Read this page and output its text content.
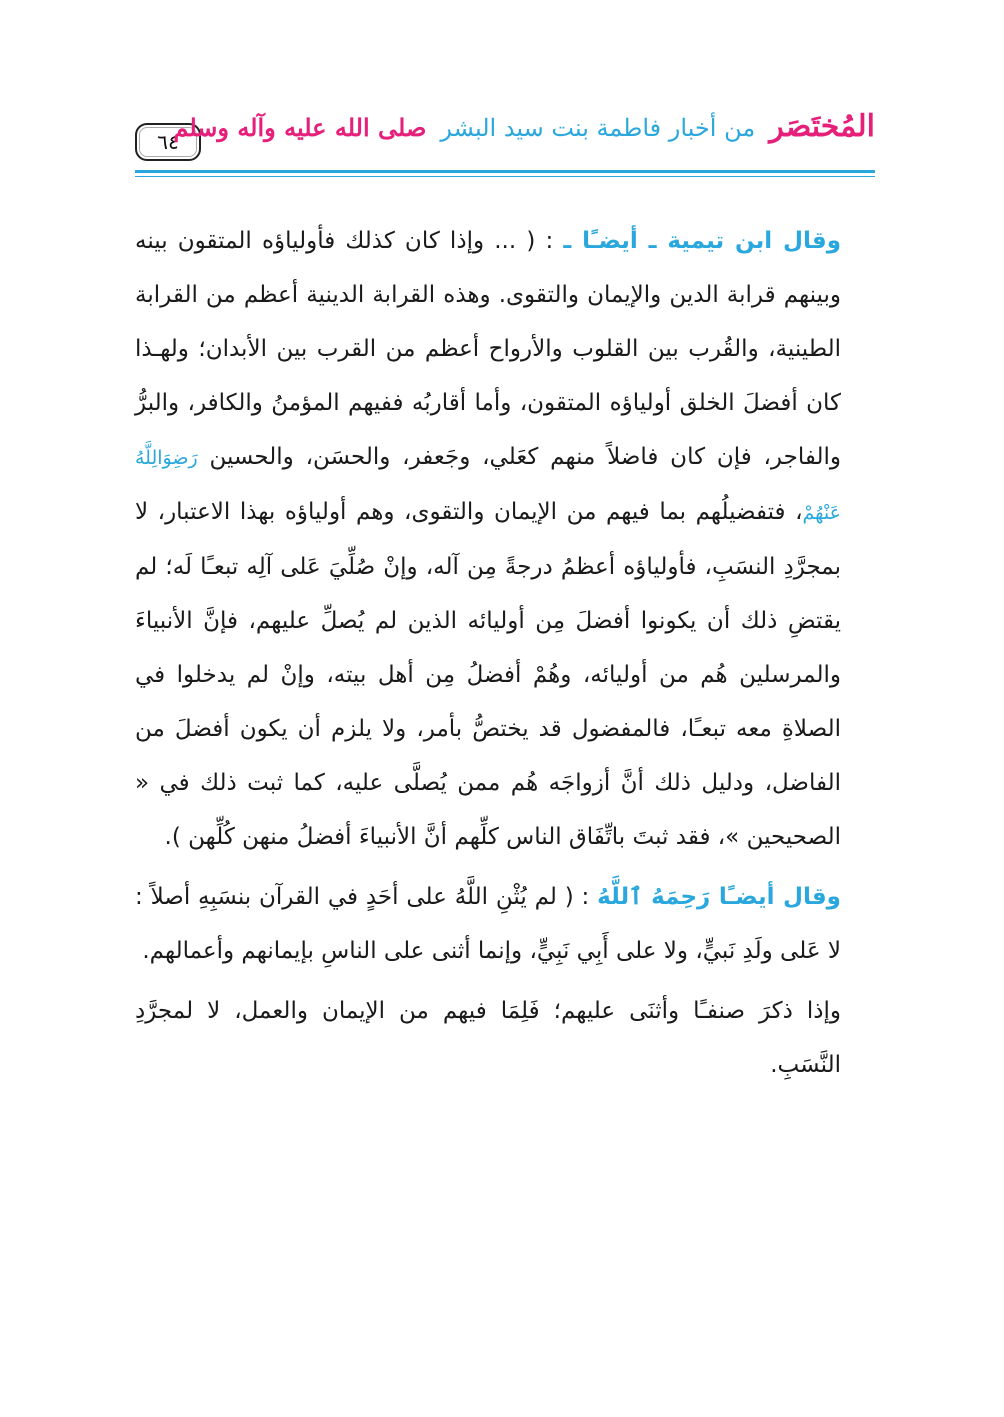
٦٤	المُختَصَرمن أخبار فاطمة بنت سيد البشرصلى الله عليه وآله وسلم

وقال ابن تيمية ـ أيضـًا ـ : ( ... وإذا كان كذلك فأولياؤه المتقون بينه وبينهم قرابة الدين والإيمان والتقوى. وهذه القرابة الدينية أعظم من القرابة الطينية، والقُرب بين القلوب والأرواح أعظم من القرب بين الأبدان؛ ولهـذا كان أفضلَ الخلق أولياؤه المتقون، وأما أقاربُه ففيهم المؤمنُ والكافر، والبرُّ والفاجر، فإن كان فاضلاً منهم كعَلي، وجَعفر، والحسَن، والحسين رَضِوَالِلَّهُ عَنْهُمْ، فتفضيلُهم بما فيهم من الإيمان والتقوى، وهم أولياؤه بهذا الاعتبار، لا بمجرَّدِ النسَبِ، فأولياؤه أعظمُ درجةً مِن آله، وإنْ صُلِّيَ عَلى آلِه تبعـًا لَه؛ لم يقتضِ ذلك أن يكونوا أفضلَ مِن أوليائه الذين لم يُصلِّ عليهم، فإنَّ الأنبياءَ والمرسلين هُم من أوليائه، وهُمْ أفضلُ مِن أهل بيته، وإنْ لم يدخلوا في الصلاةِ معه تبعـًا، فالمفضول قد يختصُّ بأمر، ولا يلزم أن يكون أفضلَ من الفاضل، ودليل ذلك أنَّ أزواجَه هُم ممن يُصلَّى عليه، كما ثبت ذلك في « الصحيحين »، فقد ثبتَ باتِّفَاق الناس كلِّهم أنَّ الأنبياءَ أفضلُ منهن كُلِّهن ).

وقال أيضـًا رَحِمَهُ ٱللَّهُ : ( لم يُثْنِ اللَّهُ على أحَدٍ في القرآن بنسَبِهِ أصلاً : لا عَلى ولَدِ نَبيٍّ، ولا على أَبِي نَبِيٍّ، وإنما أثنى على الناسِ بإيمانهم وأعمالهم.

وإذا ذكرَ صنفـًا وأثنَى عليهم؛ فَلِمَا فيهم من الإيمان والعمل، لا لمجرَّدِ النَّسَبِ.
